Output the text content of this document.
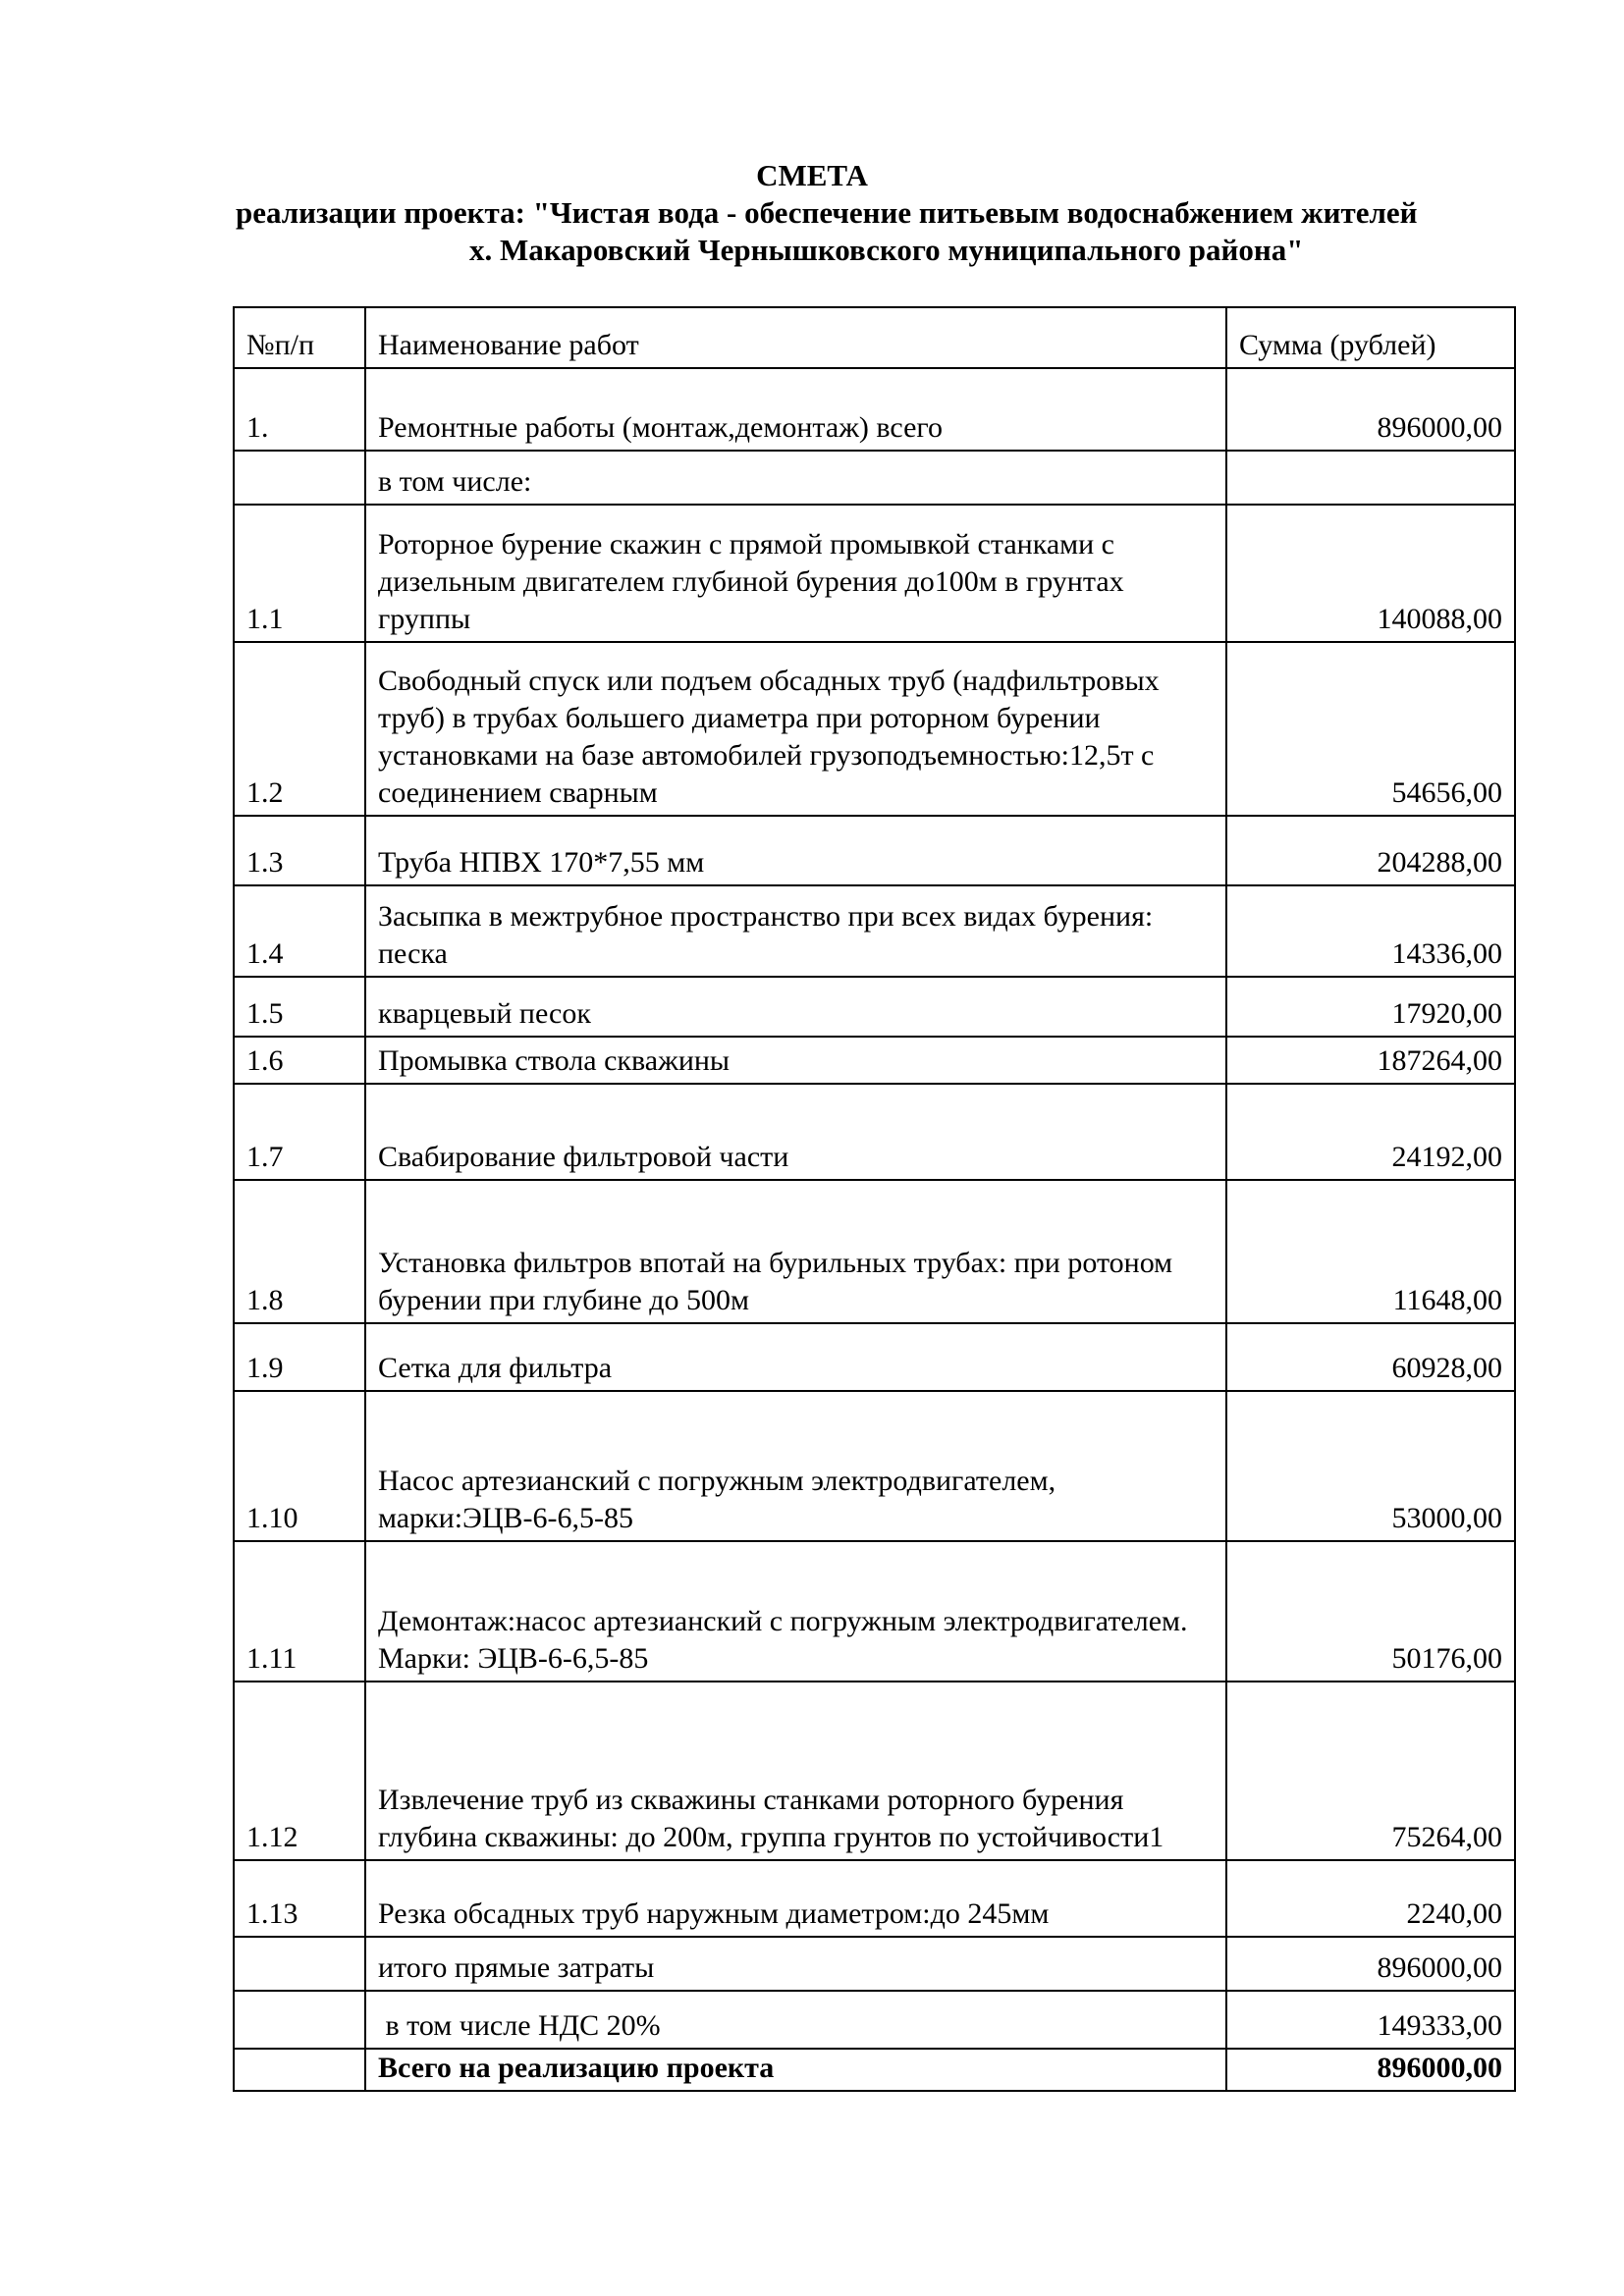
СМЕТА
реализации проекта: "Чистая вода - обеспечение питьевым водоснабжением жителей
х. Макаровский Чернышковского муниципального района"
№п/п	Наименование работ	Сумма (рублей)
1.	Ремонтные работы (монтаж,демонтаж) всего	896000,00
	в том числе:	
1.1	Роторное бурение скажин с прямой промывкой станками с дизельным двигателем глубиной бурения до100м в грунтах группы	140088,00
1.2	Свободный спуск или подъем обсадных труб (надфильтровых труб) в трубах большего диаметра при роторном бурении установками на базе автомобилей грузоподъемностью:12,5т с соединением сварным	54656,00
1.3	Труба НПВХ 170*7,55 мм	204288,00
1.4	Засыпка в межтрубное пространство при всех видах бурения: песка	14336,00
1.5	кварцевый песок	17920,00
1.6	Промывка ствола скважины	187264,00
1.7	Свабирование фильтровой части	24192,00
1.8	Установка фильтров впотай на бурильных трубах: при ротоном бурении при глубине до 500м	11648,00
1.9	Сетка для фильтра	60928,00
1.10	Насос артезианский с погружным электродвигателем, марки:ЭЦВ-6-6,5-85	53000,00
1.11	Демонтаж:насос артезианский с погружным электродвигателем. Марки: ЭЦВ-6-6,5-85	50176,00
1.12	Извлечение труб из скважины станками роторного бурения глубина скважины: до 200м, группа грунтов по устойчивости1	75264,00
1.13	Резка обсадных труб наружным диаметром:до 245мм	2240,00
	итого прямые затраты	896000,00
	в том числе НДС 20%	149333,00
	Всего на реализацию проекта	896000,00
